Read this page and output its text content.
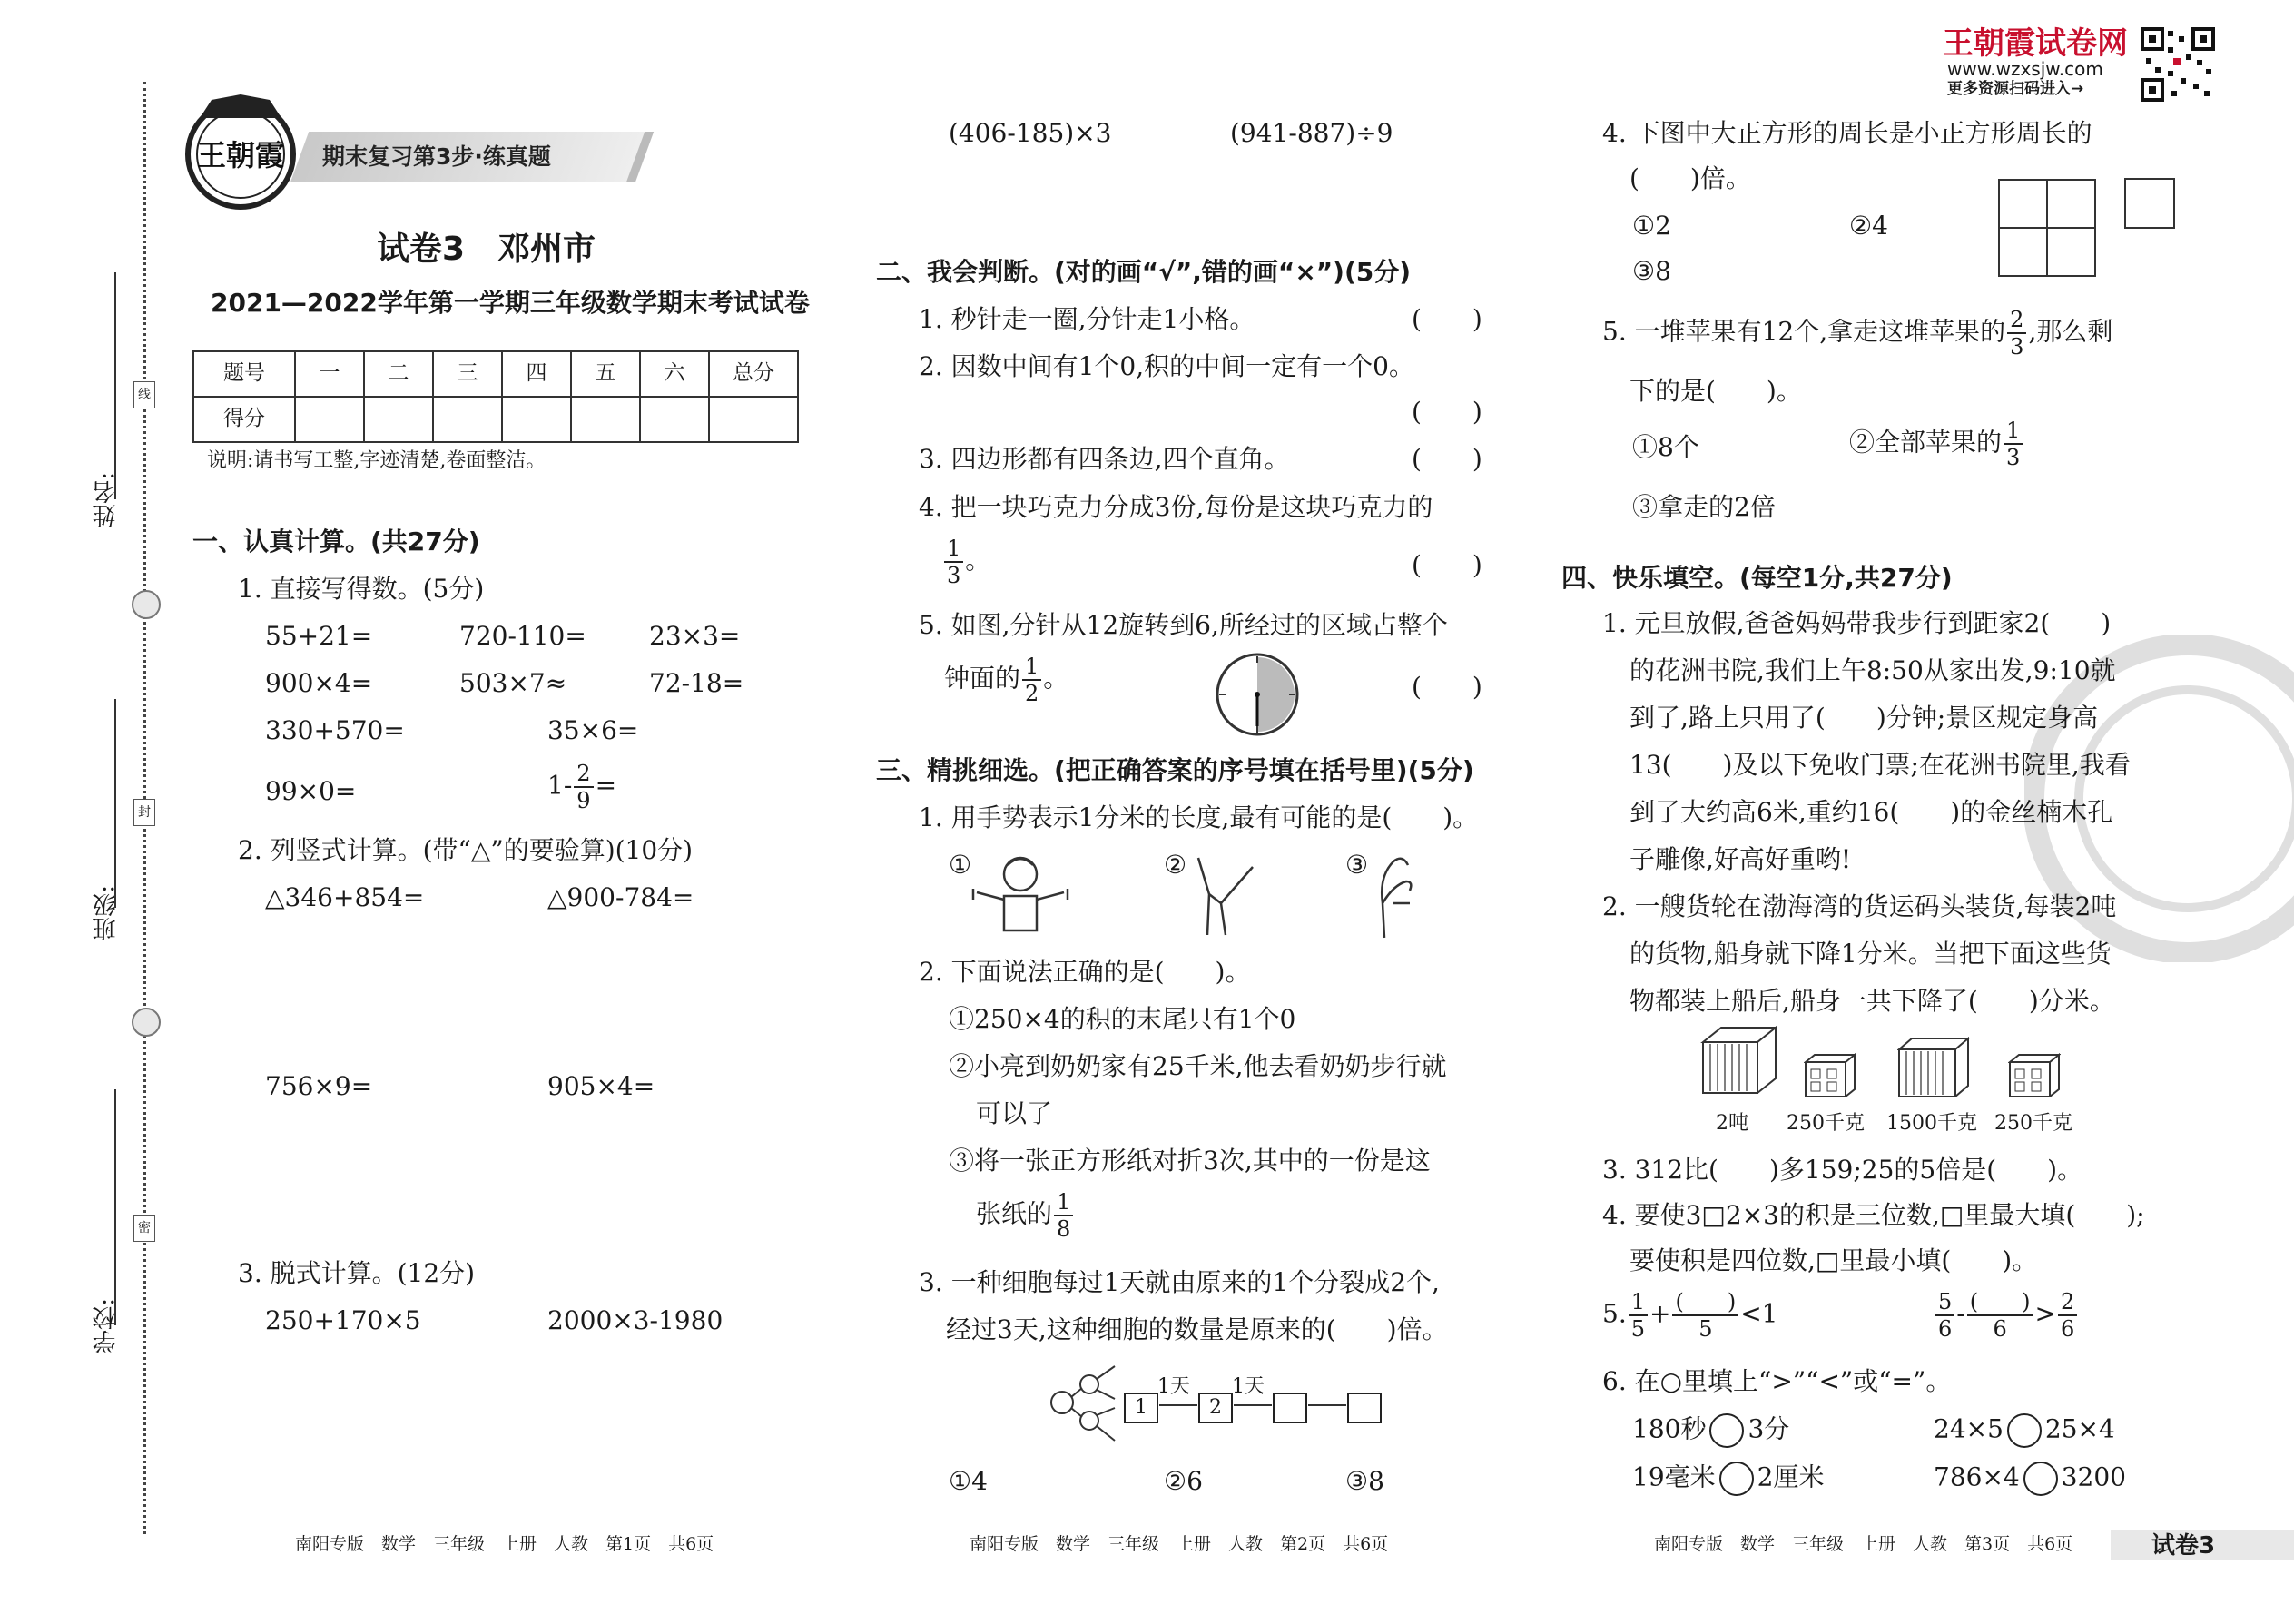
姓名:
班级:
学校:
线
封
密
王朝霞 期末复习第3步·练真题
试卷3　邓州市
2021—2022学年第一学期三年级数学期末考试试卷
题号	一	二	三	四	五	六	总分
得分							
说明:请书写工整,字迹清楚,卷面整洁。
一、认真计算。(共27分)
1. 直接写得数。(5分)
55+21=	720-110= 23×3=
900×4=	503×7≈	72-18=
330+570=	35×6=
99×0=	$1- \frac{2}{9}$ =
2. 列竖式计算。(带“△”的要验算)(10分)
△346+854=	△900-784=
756×9=	905×4=
3. 脱式计算。(12分)
250+170×5	2000×3-1980
南阳专版　数学　三年级　上册　人教　第1页　共6页
(406-185)×3	(941-887)÷9
二、我会判断。(对的画“√”,错的画“×”)(5分)
1. 秒针走一圈,分针走1小格。	(　　)
2. 因数中间有1个0,积的中间一定有一个0。
(　　)
3. 四边形都有四条边,四个直角。	(　　)
4. 把一块巧克力分成3份,每份是这块巧克力的
$\frac{1}{3}$ 。	(　　)
5. 如图,分针从12旋转到6,所经过的区域占整个
钟面的 $\frac{1}{2}$ 。	(　　)
三、精挑细选。(把正确答案的序号填在括号里)(5分)
1. 用手势表示1分米的长度,最有可能的是(　　)。
①	②	③
2. 下面说法正确的是(　　)。
①250×4的积的末尾只有1个0
②小亮到奶奶家有25千米,他去看奶奶步行就
可以了
③将一张正方形纸对折3次,其中的一份是这
张纸的 $\frac{1}{8}$
3. 一种细胞每过1天就由原来的1个分裂成2个,
经过3天,这种细胞的数量是原来的(　　)倍。
1
1天
2
1天
①4	②6	③8
南阳专版　数学　三年级　上册　人教　第2页　共6页
王朝霞试卷网
www.wzxsjw.com
更多资源扫码进入→
4. 下图中大正方形的周长是小正方形周长的
(　　)倍。
①2	②4
③8
5. 一堆苹果有12个,拿走这堆苹果的 $\frac{2}{3}$ ,那么剩
下的是(　　)。
①8个	②全部苹果的 $\frac{1}{3}$
③拿走的2倍
四、快乐填空。(每空1分,共27分)
1. 元旦放假,爸爸妈妈带我步行到距家2(　　)
的花洲书院,我们上午8:50从家出发,9:10就
到了,路上只用了(　　)分钟;景区规定身高
13(　　)及以下免收门票;在花洲书院里,我看
到了大约高6米,重约16(　　)的金丝楠木孔
子雕像,好高好重哟!
2. 一艘货轮在渤海湾的货运码头装货,每装2吨
的货物,船身就下降1分米。当把下面这些货
物都装上船后,船身一共下降了(　　)分米。
2吨 250千克 1500千克 250千克
3. 312比(　　)多159;25的5倍是(　　)。
4. 要使3□2×3的积是三位数,□里最大填(　　);
要使积是四位数,□里最小填(　　)。
5. $\frac{1}{5} + \frac{( )}{5} <1$	$\frac{5}{6} - \frac{( )}{6} > \frac{2}{6}$
6. 在○里填上“>”“<”或“=”。
180秒 3分	24×5 25×4
19毫米 2厘米	786×4 3200
南阳专版　数学　三年级　上册　人教　第3页　共6页	试卷3
